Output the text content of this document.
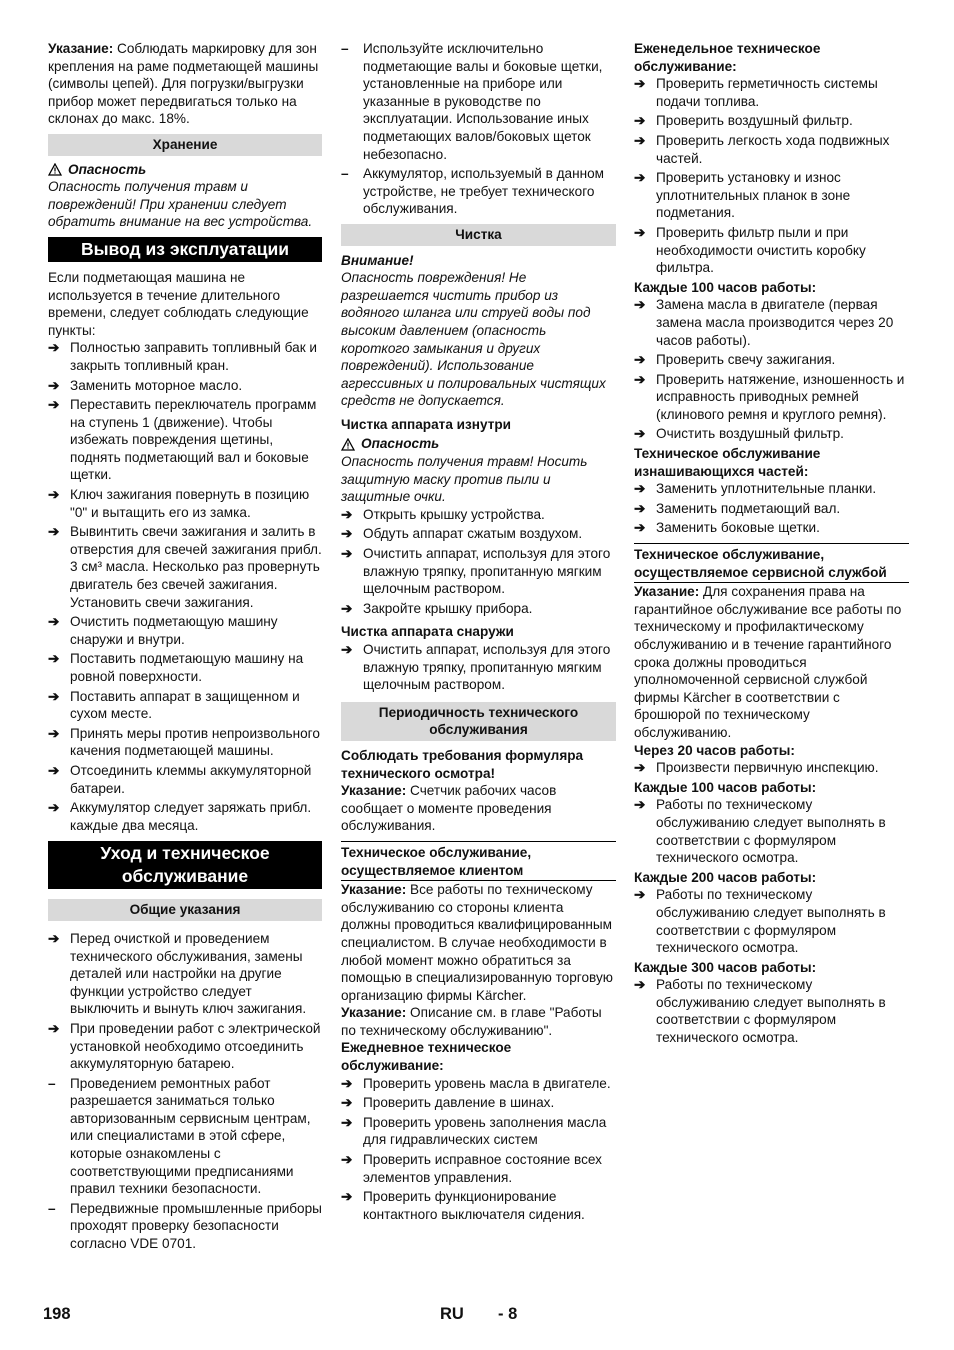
Указание: Соблюдать маркировку для зон крепления на раме подметающей машины (символы цепей). Для погрузки/выгрузки прибор может передвигаться только на склонах до макс. 18%.

Хранение
Опасность

Опасность получения травм и повреждений! При хранении следует обратить внимание на вес устройства.

Вывод из эксплуатации

Если подметающая машина не используется в течение длительного времени, следует соблюдать следующие пункты:

➔ Полностью заправить топливный бак и закрыть топливный кран.
➔ Заменить моторное масло.
➔ Переставить переключатель программ на ступень 1 (движение). Чтобы избежать повреждения щетины, поднять подметающий вал и боковые щетки.
➔ Ключ зажигания повернуть в позицию "0" и вытащить его из замка.
➔ Вывинтить свечи зажигания и залить в отверстия для свечей зажигания прибл. 3 см³ масла. Несколько раз провернуть двигатель без свечей зажигания. Установить свечи зажигания.
➔ Очистить подметающую машину снаружи и внутри.
➔ Поставить подметающую машину на ровной поверхности.
➔ Поставить аппарат в защищенном и сухом месте.
➔ Принять меры против непроизвольного качения подметающей машины.
➔ Отсоединить клеммы аккумуляторной батареи.
➔ Аккумулятор следует заряжать прибл. каждые два месяца.
Уход и техническое обслуживание
Общие указания
➔ Перед очисткой и проведением технического обслуживания, замены деталей или настройки на другие функции устройство следует выключить и вынуть ключ зажигания.
➔ При проведении работ с электрической установкой необходимо отсоединить аккумуляторную батарею.
– Проведением ремонтных работ разрешается заниматься только авторизованным сервисным центрам, или специалистами в этой сфере, которые ознакомлены с соответствующими предписаниями правил техники безопасности.
– Передвижные промышленные приборы проходят проверку безопасности согласно VDE 0701.
– Используйте исключительно подметающие валы и боковые щетки, установленные на приборе или указанные в руководстве по эксплуатации. Использование иных подметающих валов/боковых щеток небезопасно.
– Аккумулятор, используемый в данном устройстве, не требует технического обслуживания.
Чистка

Внимание!

Опасность повреждения! Не разрешается чистить прибор из водяного шланга или струей воды под высоким давлением (опасность короткого замыкания и других повреждений). Использование агрессивных и полировальных чистящих средств не допускается.

Чистка аппарата изнутри

Опасность

Опасность получения травм! Носить защитную маску против пыли и защитные очки.

➔ Открыть крышку устройства.
➔ Обдуть аппарат сжатым воздухом.
➔ Очистить аппарат, используя для этого влажную тряпку, пропитанную мягким щелочным раствором.
➔ Закройте крышку прибора.

Чистка аппарата снаружи

➔ Очистить аппарат, используя для этого влажную тряпку, пропитанную мягким щелочным раствором.
Периодичность технического обслуживания

Соблюдать требования формуляра технического осмотра!

Указание: Счетчик рабочих часов сообщает о моменте проведения обслуживания.

Техническое обслуживание, осуществляемое клиентом

Указание: Все работы по техническому обслуживанию со стороны клиента должны проводиться квалифицированным специалистом. В случае необходимости в любой момент можно обратиться за помощью в специализированную торговую организацию фирмы Kärcher.

Указание: Описание см. в главе "Работы по техническому обслуживанию".

Ежедневное техническое обслуживание:

➔ Проверить уровень масла в двигателе.
➔ Проверить давление в шинах.
➔ Проверить уровень заполнения масла для гидравлических систем
➔ Проверить исправное состояние всех элементов управления.
➔ Проверить функционирование контактного выключателя сидения.

Еженедельное техническое обслуживание:

➔ Проверить герметичность системы подачи топлива.
➔ Проверить воздушный фильтр.
➔ Проверить легкость хода подвижных частей.
➔ Проверить установку и износ уплотнительных планок в зоне подметания.
➔ Проверить фильтр пыли и при необходимости очистить коробку фильтра.

Каждые 100 часов работы:

➔ Замена масла в двигателе (первая замена масла производится через 20 часов работы).
➔ Проверить свечу зажигания.
➔ Проверить натяжение, изношенность и исправность приводных ремней (клинового ремня и круглого ремня).
➔ Очистить воздушный фильтр.

Техническое обслуживание изнашивающихся частей:

➔ Заменить уплотнительные планки.
➔ Заменить подметающий вал.
➔ Заменить боковые щетки.
Техническое обслуживание, осуществляемое сервисной службой

Указание: Для сохранения права на гарантийное обслуживание все работы по техническому и профилактическому обслуживанию и в течение гарантийного срока должны проводиться уполномоченной сервисной службой фирмы Kärcher в соответствии с брошюрой по техническому обслуживанию.

Через 20 часов работы:

➔ Произвести первичную инспекцию.

Каждые 100 часов работы:

➔ Работы по техническому обслуживанию следует выполнять в соответствии с формуляром технического осмотра.

Каждые 200 часов работы:

➔ Работы по техническому обслуживанию следует выполнять в соответствии с формуляром технического осмотра.

Каждые 300 часов работы:

➔ Работы по техническому обслуживанию следует выполнять в соответствии с формуляром технического осмотра.
198	RU - 8
